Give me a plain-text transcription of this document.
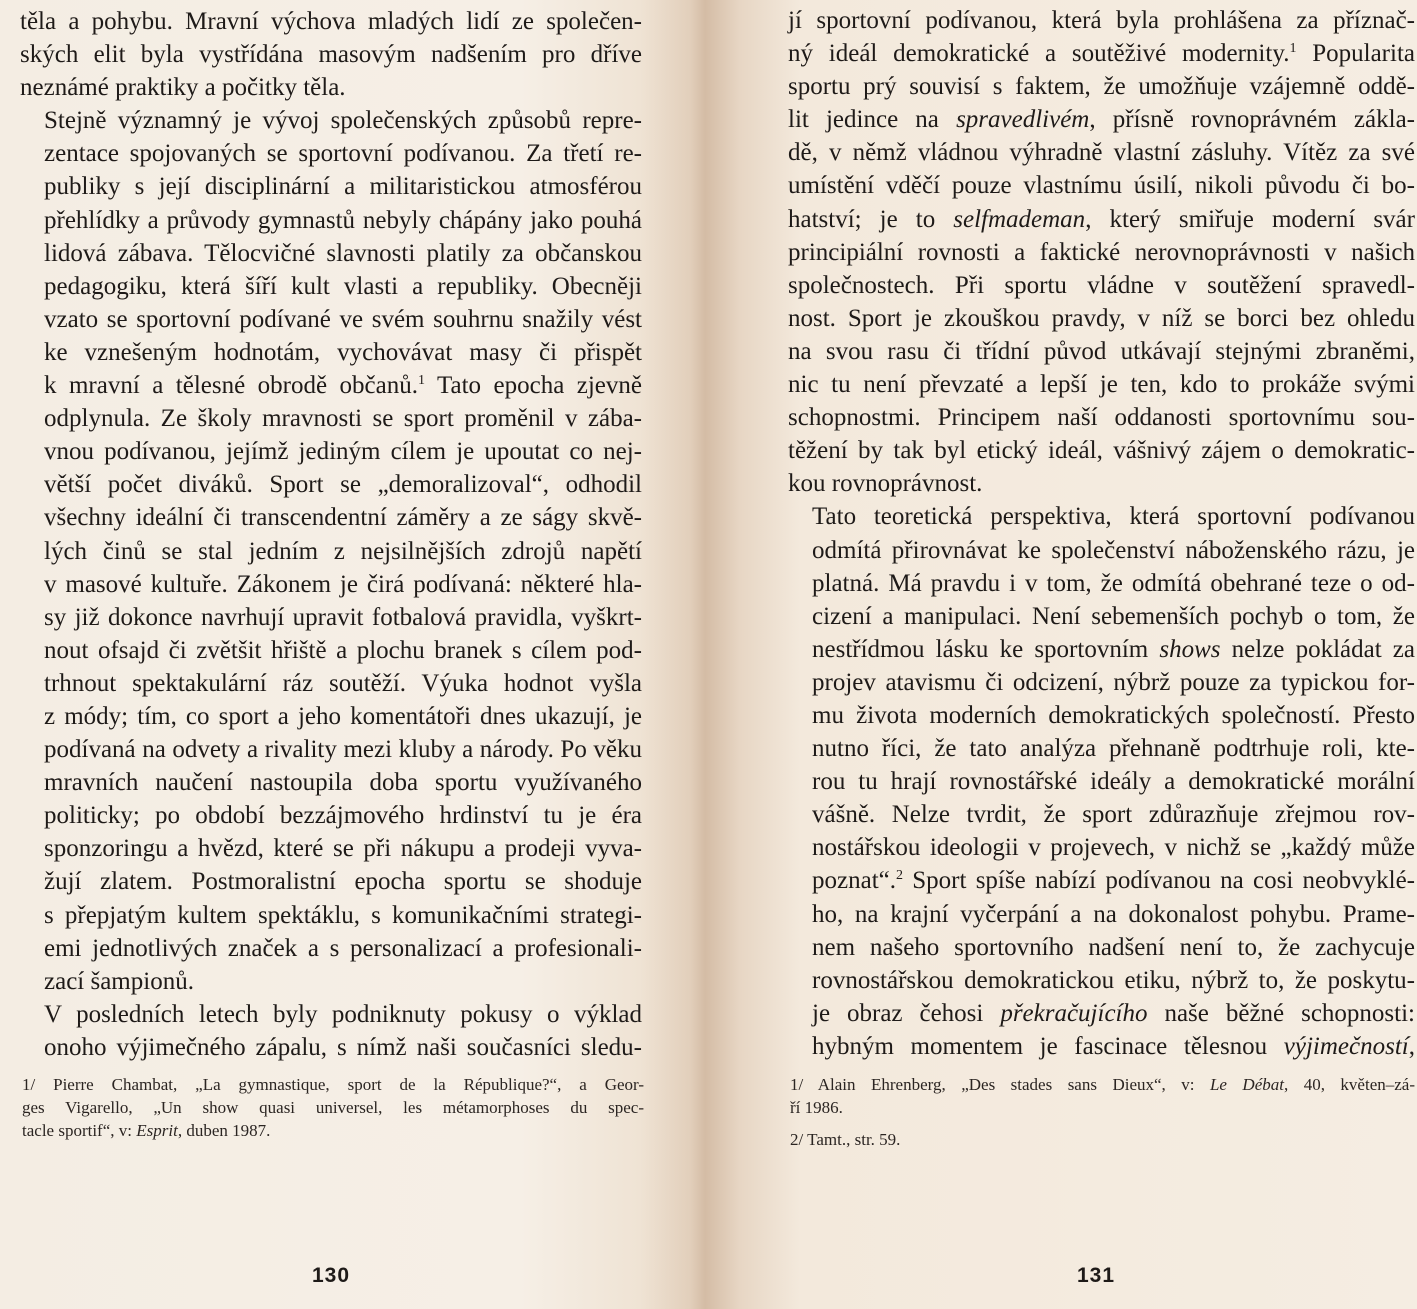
těla a pohybu. Mravní výchova mladých lidí ze společen-
ských elit byla vystřídána masovým nadšením pro dříve
neznámé praktiky a počitky těla.

Stejně významný je vývoj společenských způsobů repre-
zentace spojovaných se sportovní podívanou. Za třetí re-
publiky s její disciplinární a militaristickou atmosférou
přehlídky a průvody gymnastů nebyly chápány jako pouhá
lidová zábava. Tělocvičné slavnosti platily za občanskou
pedagogiku, která šíří kult vlasti a republiky. Obecněji
vzato se sportovní podívané ve svém souhrnu snažily vést
ke vznešeným hodnotám, vychovávat masy či přispět
k mravní a tělesné obrodě občanů.$^1$ Tato epocha zjevně
odplynula. Ze školy mravnosti se sport proměnil v zába-
vnou podívanou, jejímž jediným cílem je upoutat co nej-
větší počet diváků. Sport se „demoralizoval“, odhodil
všechny ideální či transcendentní záměry a ze ságy skvě-
lých činů se stal jedním z nejsilnějších zdrojů napětí
v masové kultuře. Zákonem je čirá podívaná: některé hla-
sy již dokonce navrhují upravit fotbalová pravidla, vyškrt-
nout ofsajd či zvětšit hřiště a plochu branek s cílem pod-
trhnout spektakulární ráz soutěží. Výuka hodnot vyšla
z módy; tím, co sport a jeho komentátoři dnes ukazují, je
podívaná na odvety a rivality mezi kluby a národy. Po věku
mravních naučení nastoupila doba sportu využívaného
politicky; po období bezzájmového hrdinství tu je éra
sponzoringu a hvězd, které se při nákupu a prodeji vyva-
žují zlatem. Postmoralistní epocha sportu se shoduje
s přepjatým kultem spektáklu, s komunikačními strategi-
emi jednotlivých značek a s personalizací a profesionali-
zací šampionů.

V posledních letech byly podniknuty pokusy o výklad
onoho výjimečného zápalu, s nímž naši současníci sledu-

1/ Pierre Chambat, „La gymnastique, sport de la République?“, a Geor-
ges Vigarello, „Un show quasi universel, les métamorphoses du spec-
tacle sportif“, v: Esprit, duben 1987.
130

jí sportovní podívanou, která byla prohlášena za příznač-
ný ideál demokratické a soutěživé modernity.$^1$ Popularita
sportu prý souvisí s faktem, že umožňuje vzájemně oddě-
lit jedince na spravedlivém, přísně rovnoprávném zákla-
dě, v němž vládnou výhradně vlastní zásluhy. Vítěz za své
umístění vděčí pouze vlastnímu úsilí, nikoli původu či bo-
hatství; je to selfmademan, který smiřuje moderní svár
principiální rovnosti a faktické nerovnoprávnosti v našich
společnostech. Při sportu vládne v soutěžení spravedl-
nost. Sport je zkouškou pravdy, v níž se borci bez ohledu
na svou rasu či třídní původ utkávají stejnými zbraněmi,
nic tu není převzaté a lepší je ten, kdo to prokáže svými
schopnostmi. Principem naší oddanosti sportovnímu sou-
těžení by tak byl etický ideál, vášnivý zájem o demokratic-
kou rovnoprávnost.

Tato teoretická perspektiva, která sportovní podívanou
odmítá přirovnávat ke společenství náboženského rázu, je
platná. Má pravdu i v tom, že odmítá obehrané teze o od-
cizení a manipulaci. Není sebemenších pochyb o tom, že
nestřídmou lásku ke sportovním shows nelze pokládat za
projev atavismu či odcizení, nýbrž pouze za typickou for-
mu života moderních demokratických společností. Přesto
nutno říci, že tato analýza přehnaně podtrhuje roli, kte-
rou tu hrají rovnostářské ideály a demokratické morální
vášně. Nelze tvrdit, že sport zdůrazňuje zřejmou rov-
nostářskou ideologii v projevech, v nichž se „každý může
poznat“.$^2$ Sport spíše nabízí podívanou na cosi neobvyklé-
ho, na krajní vyčerpání a na dokonalost pohybu. Prame-
nem našeho sportovního nadšení není to, že zachycuje
rovnostářskou demokratickou etiku, nýbrž to, že poskytu-
je obraz čehosi překračujícího naše běžné schopnosti:
hybným momentem je fascinace tělesnou výjimečností,

1/ Alain Ehrenberg, „Des stades sans Dieux“, v: Le Débat, 40, květen–zá-
ří 1986.
2/ Tamt., str. 59.
131
